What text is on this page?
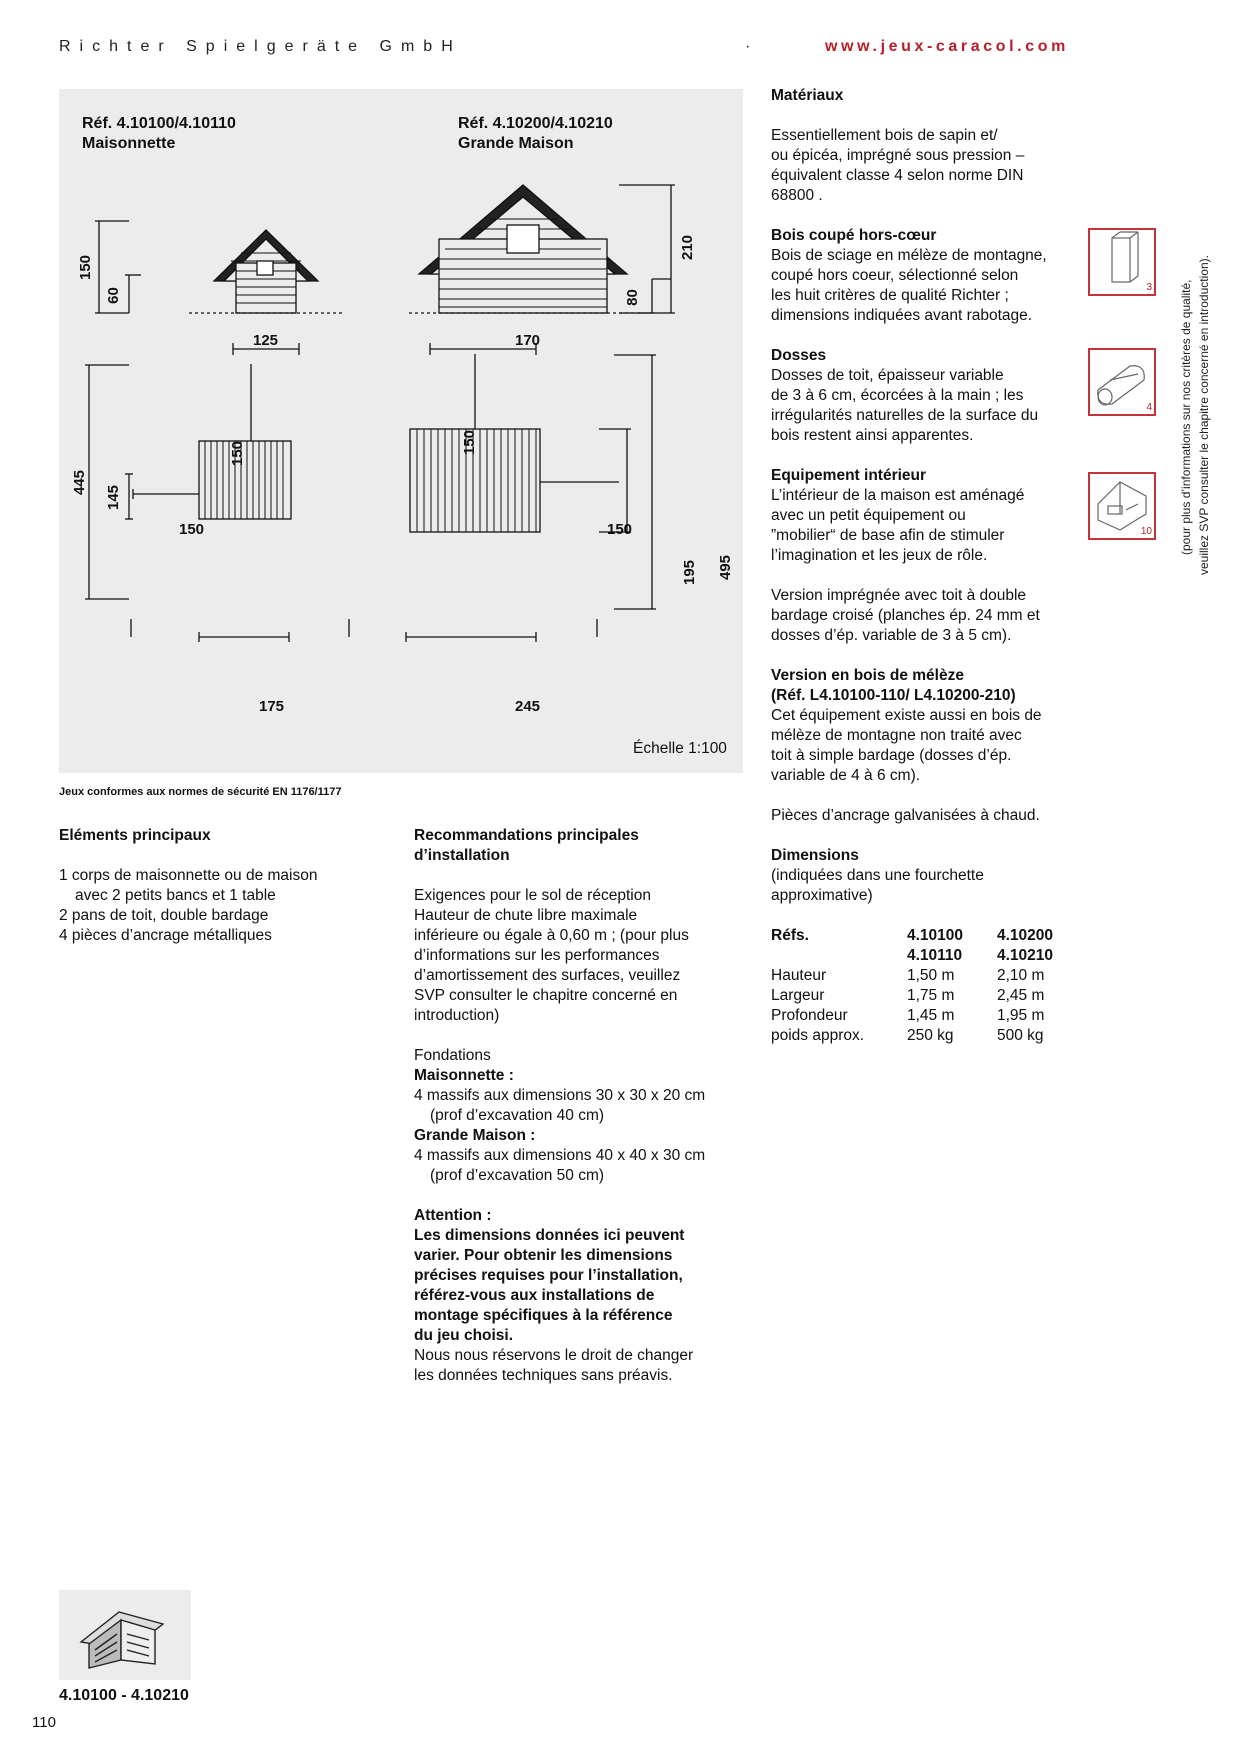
Richter Spielgeräte GmbH	·	www.jeux-caracol.com
Réf. 4.10100/4.10110
Maisonnette
Réf. 4.10200/4.10210
Grande Maison
150
60
125	170
80
210
445
145
150
150	150
150
195 495
175	245
Échelle 1:100
Jeux conformes aux normes de sécurité EN 1176/1177
Eléments principaux
1 corps de maisonnette ou de maison
avec 2 petits bancs et 1 table
2 pans de toit, double bardage
4 pièces d’ancrage métalliques
Recommandations principales
d’installation
Exigences pour le sol de réception
Hauteur de chute libre maximale
inférieure ou égale à 0,60 m ; (pour plus
d’informations sur les performances
d’amortissement des surfaces, veuillez
SVP consulter le chapitre concerné en
introduction)
Fondations
Maisonnette :
4 massifs aux dimensions 30 x 30 x 20 cm
(prof d’excavation 40 cm)
Grande Maison :
4 massifs aux dimensions 40 x 40 x 30 cm
(prof d’excavation 50 cm)
Attention :
Les dimensions données ici peuvent
varier. Pour obtenir les dimensions
précises requises pour l’installation,
référez-vous aux installations de
montage spécifiques à la référence
du jeu choisi.
Nous nous réservons le droit de changer
les données techniques sans préavis.
Matériaux
Essentiellement bois de sapin et/
ou épicéa, imprégné sous pression –
équivalent classe 4 selon norme DIN
68800 .
Bois coupé hors-cœur
Bois de sciage en mélèze de montagne,
coupé hors coeur, sélectionné selon
les huit critères de qualité Richter ;
dimensions indiquées avant rabotage.
Dosses
Dosses de toit, épaisseur variable
de 3 à 6 cm, écorcées à la main ; les
irrégularités naturelles de la surface du
bois restent ainsi apparentes.
Equipement intérieur
L’intérieur de la maison est aménagé
avec un petit équipement ou
”mobilier“ de base afin de stimuler
l’imagination et les jeux de rôle.
Version imprégnée avec toit à double
bardage croisé (planches ép. 24 mm et
dosses d’ép. variable de 3 à 5 cm).
Version en bois de mélèze
(Réf. L4.10100-110/ L4.10200-210)
Cet équipement existe aussi en bois de
mélèze de montagne non traité avec
toit à simple bardage (dosses d’ép.
variable de 4 à 6 cm).
Pièces d’ancrage galvanisées à chaud.
Dimensions
(indiquées dans une fourchette
approximative)
Réfs.	4.10100	4.10200
	4.10110	4.10210
Hauteur	1,50 m	2,10 m
Largeur	1,75 m	2,45 m
Profondeur	1,45 m	1,95 m
poids approx.	250 kg	500 kg
3
4
10 (pour plus d’informations sur nos critères de qualité, veuillez SVP consulter le chapitre concerné en introduction).
4.10100 - 4.10210
110
